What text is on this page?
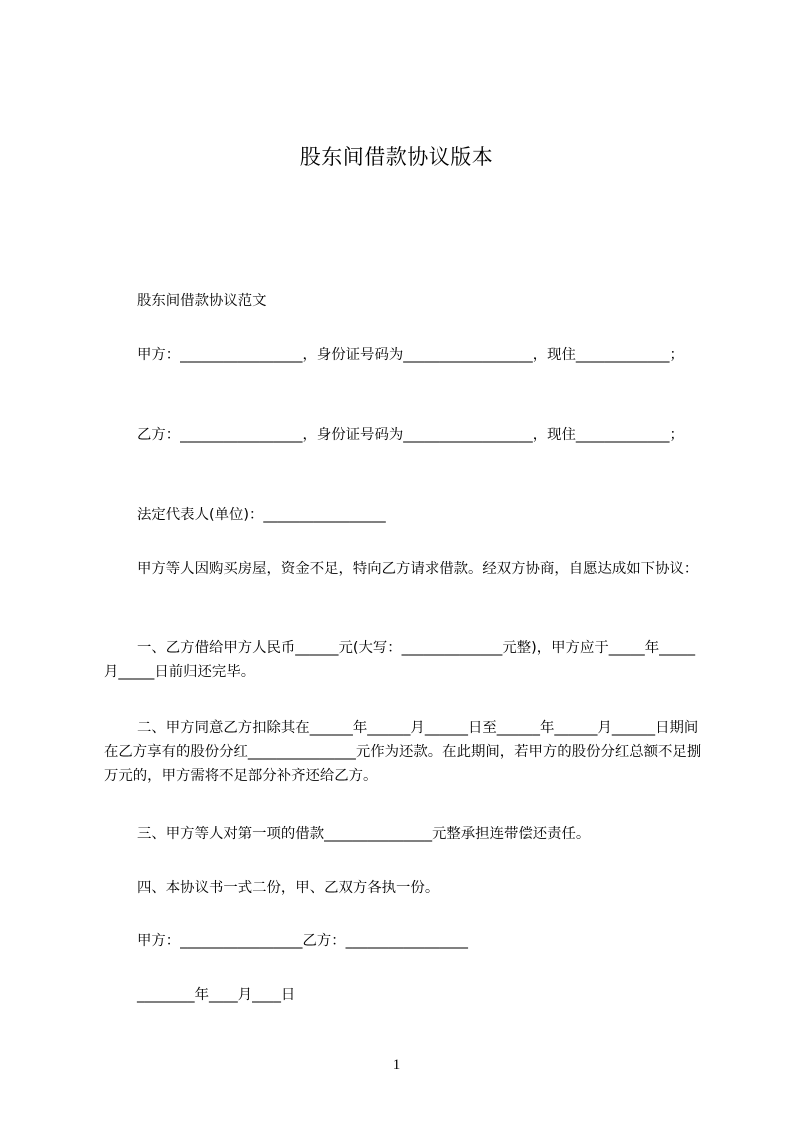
股东间借款协议版本

股东间借款协议范文

甲方：_________________，身份证号码为__________________，现住_____________；

乙方：_________________，身份证号码为__________________，现住_____________；

法定代表人(单位)：_________________

甲方等人因购买房屋，资金不足，特向乙方请求借款。经双方协商，自愿达成如下协议：

一、乙方借给甲方人民币______元(大写：______________元整)，甲方应于_____年_____月_____日前归还完毕。

二、甲方同意乙方扣除其在______年______月______日至______年______月______日期间在乙方享有的股份分红_______________元作为还款。在此期间，若甲方的股份分红总额不足捌万元的，甲方需将不足部分补齐还给乙方。

三、甲方等人对第一项的借款_______________元整承担连带偿还责任。

四、本协议书一式二份，甲、乙双方各执一份。

甲方：_________________乙方：_________________

________年____月____日

1
